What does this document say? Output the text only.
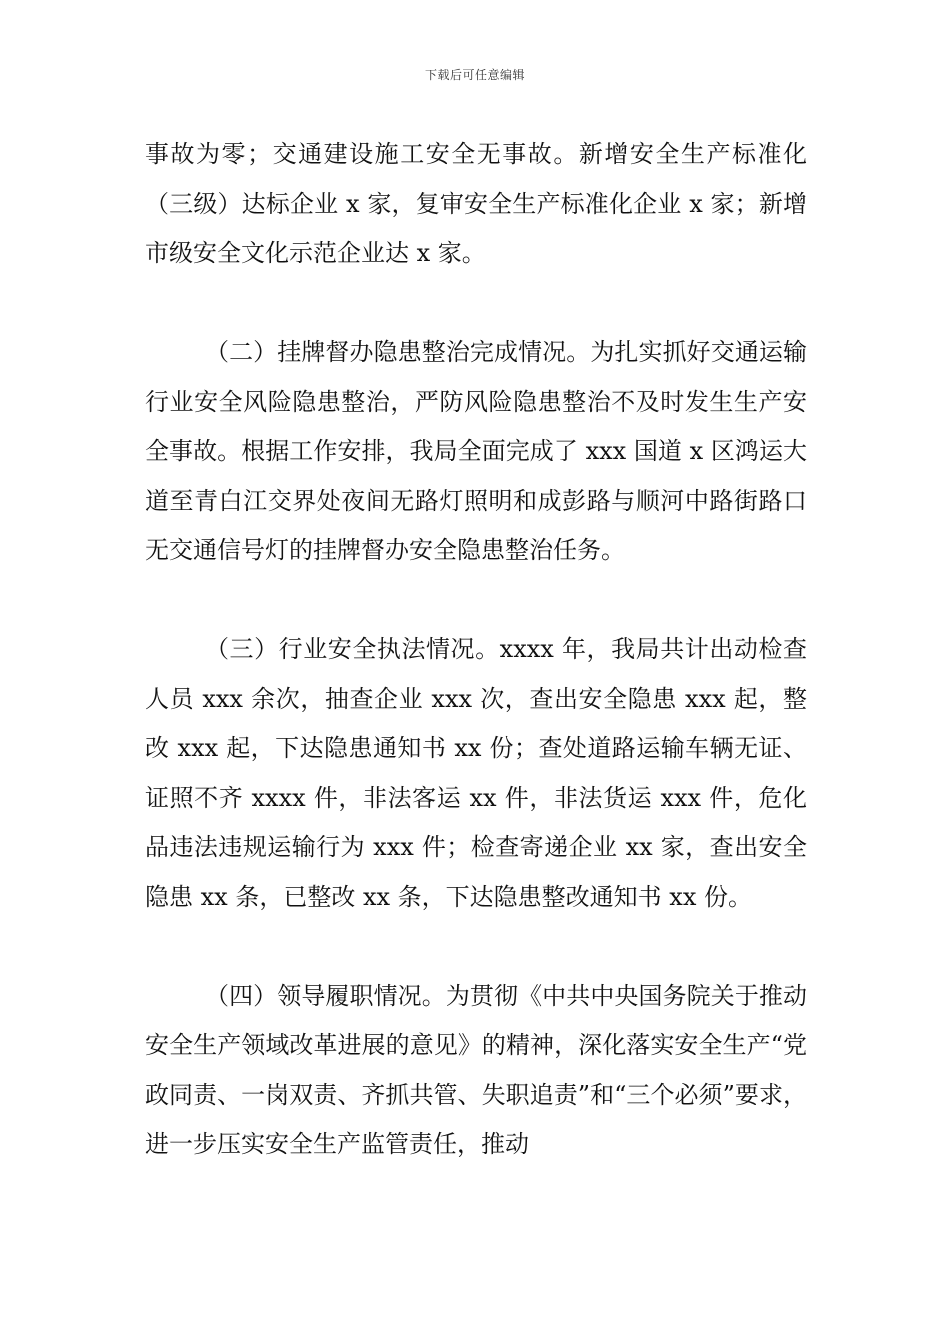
下载后可任意编辑

事故为零；交通建设施工安全无事故。新增安全生产标准化（三级）达标企业 x 家，复审安全生产标准化企业 x 家；新增市级安全文化示范企业达 x 家。

（二）挂牌督办隐患整治完成情况。为扎实抓好交通运输行业安全风险隐患整治，严防风险隐患整治不及时发生生产安全事故。根据工作安排，我局全面完成了 xxx 国道 x 区鸿运大道至青白江交界处夜间无路灯照明和成彭路与顺河中路街路口无交通信号灯的挂牌督办安全隐患整治任务。

（三）行业安全执法情况。xxxx 年，我局共计出动检查人员 xxx 余次，抽查企业 xxx 次，查出安全隐患 xxx 起，整改 xxx 起，下达隐患通知书 xx 份；查处道路运输车辆无证、证照不齐 xxxx 件，非法客运 xx 件，非法货运 xxx 件，危化品违法违规运输行为 xxx 件；检查寄递企业 xx 家，查出安全隐患 xx 条，已整改 xx 条，下达隐患整改通知书 xx 份。

（四）领导履职情况。为贯彻《中共中央国务院关于推动安全生产领域改革进展的意见》的精神，深化落实安全生产“党政同责、一岗双责、齐抓共管、失职追责”和“三个必须”要求，进一步压实安全生产监管责任，推动
